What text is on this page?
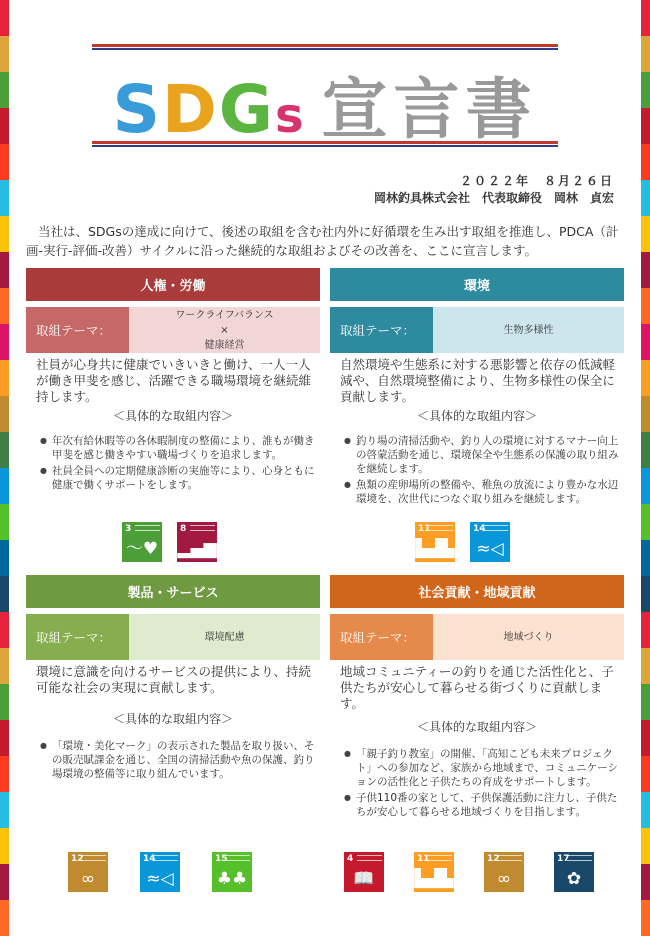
SDGs 宣言書
２０２２年　８月２６日
岡林釣具株式会社　代表取締役　岡林　貞宏
当社は、SDGsの達成に向けて、後述の取組を含む社内外に好循環を生み出す取組を推進し、PDCA（計画-実行-評価-改善）サイクルに沿った継続的な取組およびその改善を、ここに宣言します。
人権・労働
取組テーマ：
ワークライフバランス
×
健康経営
社員が心身共に健康でいきいきと働け、一人一人が働き甲斐を感じ、活躍できる職場環境を継続維持します。
＜具体的な取組内容＞
● 年次有給休暇等の各休暇制度の整備により、誰もが働き甲斐を感じ働きやすい職場づくりを追求します。
● 社員全員への定期健康診断の実施等により、心身ともに健康で働くサポートをします。
環境
取組テーマ：	生物多様性
自然環境や生態系に対する悪影響と依存の低減軽減や、自然環境整備により、生物多様性の保全に貢献します。
＜具体的な取組内容＞
● 釣り場の清掃活動や、釣り人の環境に対するマナー向上の啓蒙活動を通じ、環境保全や生態系の保護の取り組みを継続します。
● 魚類の産卵場所の整備や、稚魚の放流により豊かな水辺環境を、次世代につなぐ取り組みを継続します。
製品・サービス
取組テーマ：	環境配慮
環境に意識を向けるサービスの提供により、持続可能な社会の実現に貢献します。
＜具体的な取組内容＞
● 「環境・美化マーク」の表示された製品を取り扱い、その販売賦課金を通じ、全国の清掃活動や魚の保護、釣り場環境の整備等に取り組んでいます。
社会貢献・地域貢献
取組テーマ：	地域づくり
地域コミュニティーの釣りを通じた活性化と、子供たちが安心して暮らせる街づくりに貢献します。
＜具体的な取組内容＞
● 「親子釣り教室」の開催、「高知こども未来プロジェクト」への参加など、家族から地域まで、コミュニケーションの活性化と子供たちの育成をサポートします。
● 子供110番の家として、子供保護活動に注力し、子供たちが安心して暮らせる地域づくりを目指します。
3
〜♥
8
▂▄▆
11
▙▟▙
14
≈◁
12
∞
14
≈◁
15
♣♣
4
📖
11
▙▟▙
12
∞
17
✿
